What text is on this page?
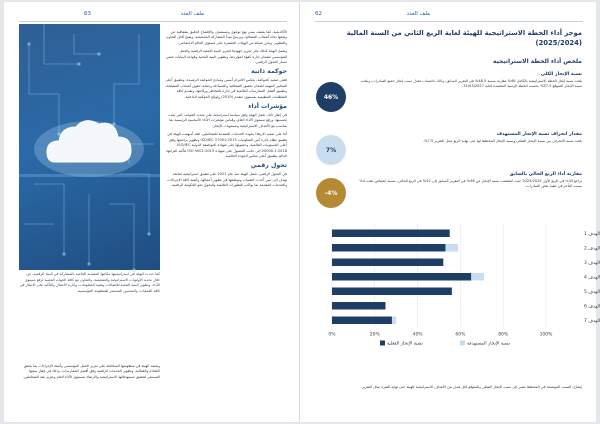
63	ملف العدد
كما حددت الهيئة في استراتيجيتها مكانتها التنفيذية الخاصة بالمشاركة في البيئة الرقمية، من خلال تحديد الأولويات الاستراتيجية والتشغيلية، والتعاون مع كافة الجهات المعنية لرفع مستوى الأداء، وتطوير البنية التحتية للاتصالات وتقنية المعلومات، وإدارة الأعمال والتأكيد على الابتكار في كافة العمليات، والتحسين المستمر للمنظومة المؤسسية.

الأكاديمية، كما يتصف بتبني نهج توعوي ومستميل، والإفصاح الدقيق بشفافية عن وضعها تجاه أصحاب المصالح، ويرسخ مبدأ المشاركة المجتمعية، ويفتح آفاق التعاون والتطوير، ويعزز شبكة من الهيئات المتميزة على مستوى العالم الاجتماعي.

وتعمل الهيئة كذلك على تعزيز جهودها لتعزيز البنية التحتية الرقمية والعمل المؤسسي لضمان إدارة كفؤة لمواردها، وتطوير البنية التحتية وقواعد البيانات ضمن مسار التحول الرقمي.

حوكمة ذاتية

فعلى صعيد الحوكمة، يعكس الالتزام أسس ومبادئ الحوكمة الرشيدة، وتطبيق أعلى المعايير المهنية لضمان تحقيق الشفافية والمساءلة وحماية حقوق أصحاب المصلحة، وتطبيق أفضل الممارسات العالمية في إدارة المخاطر ورقابتها، وتقديم كافة المتطلبات التنظيمية بمستوى متقدم (2019) ولوائح الحوكمة الداخلية.

مؤشرات أداء

في إطار ذلك، تعمل الهيئة وفق سياسة استراتيجية على تحديد الجوانب التي يجب تحسينها، ورفع مستوى الأداء العام، وقياس مؤشرات الأداء الأساسية الرئيسية بما يتناسب مع الأهداف الاستراتيجية ومستويات الإنجاز.

أما على صعيد الارتقاء بجودة الخدمات المقدمة للمتعاملين، فقد أسهمت الهيئة في تطبيق نظام إدارة أمن المعلومات ISO/IEC 27001:2013 وتطوير برامجها وفق أعلى المستويات العالمية، وحصولها على شهادة المواصفة الدولية ISO/IEC 20000-1:2018 إلى جانب الحصول على شهادة ISO 9001:2015 لتأكيد التزامها الدائم بتطبيق أعلى معايير الجودة العالمية.

تحول رقمي

في التحول الرقمي، تعمل الهيئة منذ عام 2021 على تطبيق استراتيجية شاملة تهدف إلى تبني أحدث التقنيات وتوظيفها في تطوير أعمالها، وأتمتة كافة الإجراءات والخدمات المقدمة بما يواكب التطورات العالمية والتحول نحو الحكومة الرقمية.

وتعتمد الهيئة في منظومتها المتكاملة على تعزيز العمل المؤسسي وأتمتة الإجراءات بما يحقق الكفاءة والفعالية، وتطوير الخدمات الرقمية وفق أفضل الممارسات، وذلك في إطار سعيها المستمر لتحقيق مستهدفاتها الاستراتيجية والارتقاء بمستوى الأداء العام وتعزيز ثقة المتعاملين.

62	ملف العدد
موجز أداء الخطة الاستراتيجية للهيئة لغاية الربع الثاني من السنة المالية (2025/2024)
ملخص أداء الخطة الاستراتيجية
46%
نسبة الإنجاز الكلي
بلغت نسبة إنجاز الخطة الاستراتيجية بالكامل 46% مقارنة بنسبة 48.5% في التقرير السابق، وذلك باحتساب معدل نسب إنجاز جميع المبادرات، وبلغت نسبة الإنجاز المتوقع 37.5% بحسب الخطة الزمنية المعتمدة لغاية 31/03/2027.
7%
مقدار انحراف نسبة الإنجاز المستهدف
بلغت نسبة الانحراف بين نسبة الإنجاز الفعلي ونسبة الإنجاز المخطط لها حتى نهاية الربع محل التقرير 7.5%.
-4%
مقارنة أداء الربع الحالي بالسابق
تراجع الأداء في الربع الأول 2025/2024 حيث انخفضت نسبة الإنجاز من 46% في التقرير السابق إلى 42% في الربع الحالي، بنسبة انخفاض بلغت 4% بسبب التأخر في تنفيذ بعض المبادرات.
0%	20%	40%	60%	80%	100%
الهدف 1
الهدف 2
الهدف 3
الهدف 4
الهدف 5
الهدف 6
الهدف 7
نسبة الإنجاز الفعلية	نسبة الإنجاز المستهدفة
إيضاح: النسب الموضحة في المخطط تشير إلى نسب الإنجاز الفعلي والمتوقع لكل هدف من الأهداف الاستراتيجية للهيئة حتى نهاية الفترة محل التقرير.
